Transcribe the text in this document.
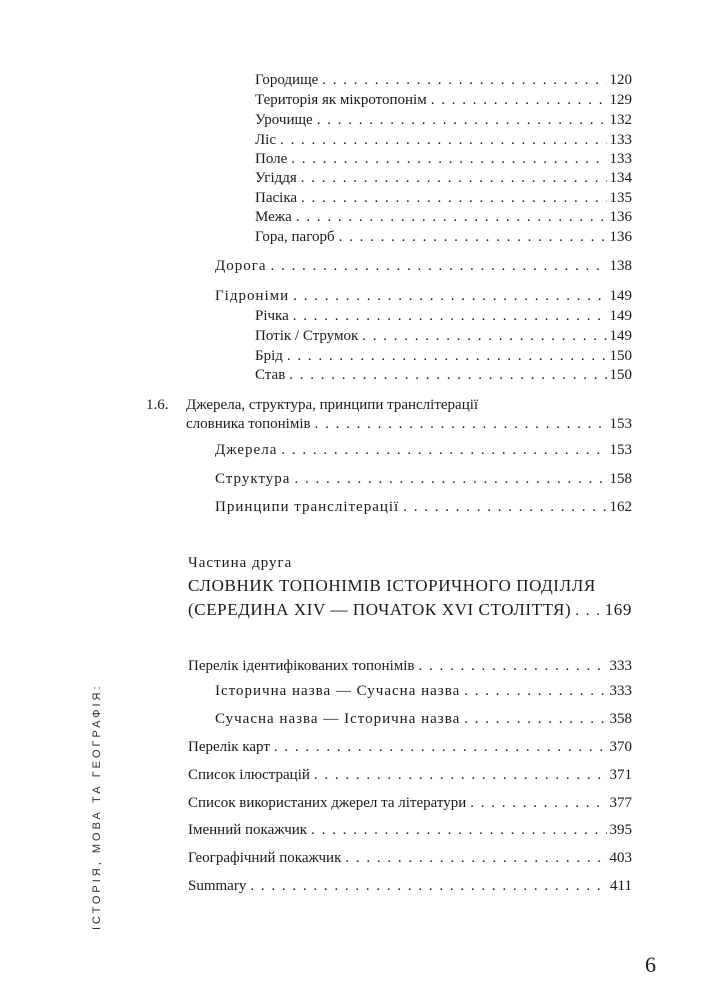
Городище . . .	120
Територія як мікротопонім . . .	129
Урочище . . .	132
Ліс . . .	133
Поле . . .	133
Угіддя . . .	134
Пасіка . . .	135
Межа . . .	136
Гора, пагорб . . .	136
Дорога . . .	138
Гідроніми . . .	149
Річка . . .	149
Потік / Струмок . . .	149
Брід . . .	150
Став . . .	150
1.6. Джерела, структура, принципи транслітерації
словника топонімів . . .	153
Джерела . . .	153
Структура . . .	158
Принципи транслітерації . . .	162
Частина друга
СЛОВНИК ТОПОНІМІВ ІСТОРИЧНОГО ПОДІЛЛЯ
(СЕРЕДИНА XIV — ПОЧАТОК XVI СТОЛІТТЯ) . . . 169
Перелік ідентифікованих топонімів . . .	333
Історична назва — Сучасна назва . . .	333
Сучасна назва — Історична назва . . .	358
Перелік карт . . .	370
Список ілюстрацій . . .	371
Список використаних джерел та літератури . . .	377
Іменний покажчик . . .	395
Географічний покажчик . . .	403
Summary . . .	411
ІСТОРІЯ, МОВА ТА ГЕОГРАФІЯ:
6
